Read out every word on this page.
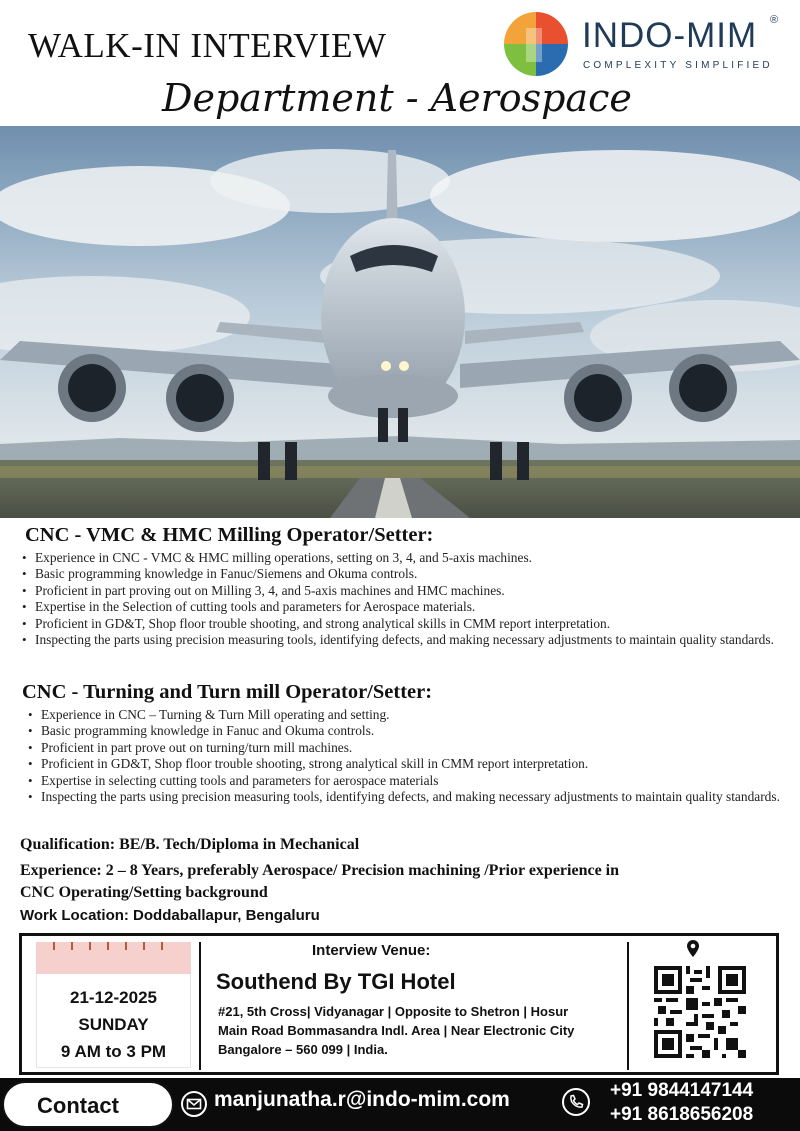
WALK-IN INTERVIEW
Department - Aerospace
INDO-MIM ®
COMPLEXITY SIMPLIFIED
CNC - VMC & HMC Milling Operator/Setter:
• Experience in CNC - VMC & HMC milling operations, setting on 3, 4, and 5-axis machines.
• Basic programming knowledge in Fanuc/Siemens and Okuma controls.
• Proficient in part proving out on Milling 3, 4, and 5-axis machines and HMC machines.
• Expertise in the Selection of cutting tools and parameters for Aerospace materials.
• Proficient in GD&T, Shop floor trouble shooting, and strong analytical skills in CMM report interpretation.
• Inspecting the parts using precision measuring tools, identifying defects, and making necessary adjustments to maintain quality standards.
CNC - Turning and Turn mill Operator/Setter:
• Experience in CNC – Turning & Turn Mill operating and setting.
• Basic programming knowledge in Fanuc and Okuma controls.
• Proficient in part prove out on turning/turn mill machines.
• Proficient in GD&T, Shop floor trouble shooting, strong analytical skill in CMM report interpretation.
• Expertise in selecting cutting tools and parameters for aerospace materials
• Inspecting the parts using precision measuring tools, identifying defects, and making necessary adjustments to maintain quality standards.
Qualification: BE/B. Tech/Diploma in Mechanical
Experience: 2 – 8 Years, preferably Aerospace/ Precision machining /Prior experience in
CNC Operating/Setting background
Work Location: Doddaballapur, Bengaluru
21-12-2025
SUNDAY
9 AM to 3 PM
Interview Venue:
Southend By TGI Hotel
#21, 5th Cross| Vidyanagar | Opposite to Shetron | Hosur
Main Road Bommasandra Indl. Area | Near Electronic City
Bangalore – 560 099 | India.
Contact	manjunatha.r@indo-mim.com	+91 9844147144
+91 8618656208
